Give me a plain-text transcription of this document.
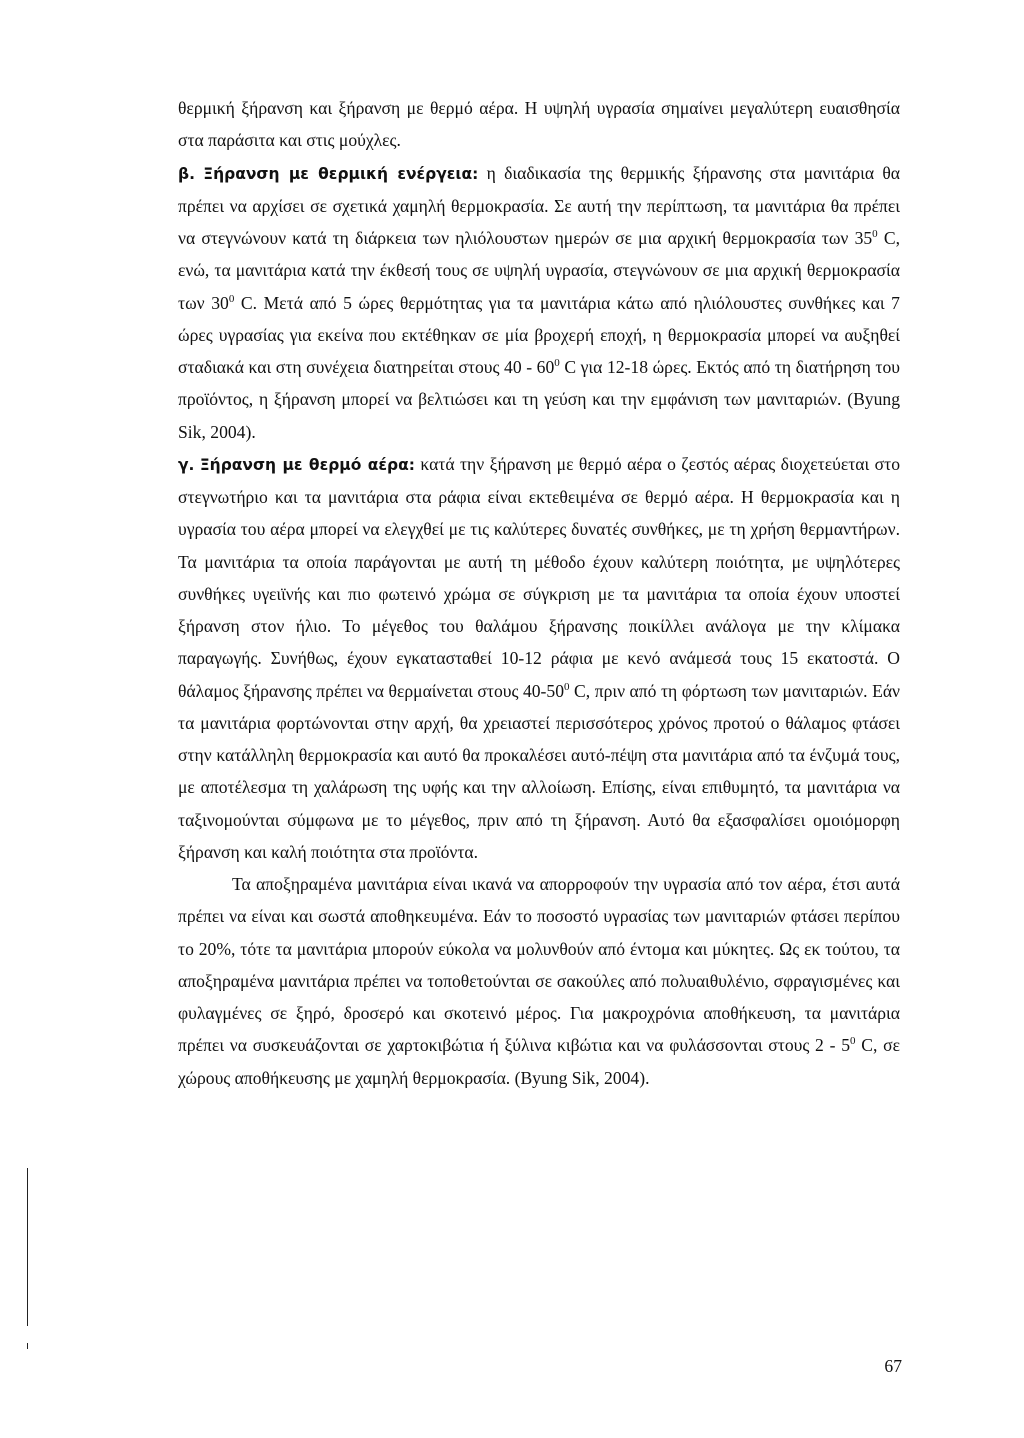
θερμική ξήρανση και ξήρανση με θερμό αέρα. Η υψηλή υγρασία σημαίνει μεγαλύτερη ευαισθησία στα παράσιτα και στις μούχλες.

β. Ξήρανση με θερμική ενέργεια: η διαδικασία της θερμικής ξήρανσης στα μανιτάρια θα πρέπει να αρχίσει σε σχετικά χαμηλή θερμοκρασία. Σε αυτή την περίπτωση, τα μανιτάρια θα πρέπει να στεγνώνουν κατά τη διάρκεια των ηλιόλουστων ημερών σε μια αρχική θερμοκρασία των $35^0$ C, ενώ, τα μανιτάρια κατά την έκθεσή τους σε υψηλή υγρασία, στεγνώνουν σε μια αρχική θερμοκρασία των $30^0$ C. Μετά από 5 ώρες θερμότητας για τα μανιτάρια κάτω από ηλιόλουστες συνθήκες και 7 ώρες υγρασίας για εκείνα που εκτέθηκαν σε μία βροχερή εποχή, η θερμοκρασία μπορεί να αυξηθεί σταδιακά και στη συνέχεια διατηρείται στους $40 - 60^0$ C για 12-18 ώρες. Εκτός από τη διατήρηση του προϊόντος, η ξήρανση μπορεί να βελτιώσει και τη γεύση και την εμφάνιση των μανιταριών. (Byung Sik, 2004).

γ. Ξήρανση με θερμό αέρα: κατά την ξήρανση με θερμό αέρα ο ζεστός αέρας διοχετεύεται στο στεγνωτήριο και τα μανιτάρια στα ράφια είναι εκτεθειμένα σε θερμό αέρα. Η θερμοκρασία και η υγρασία του αέρα μπορεί να ελεγχθεί με τις καλύτερες δυνατές συνθήκες, με τη χρήση θερμαντήρων. Τα μανιτάρια τα οποία παράγονται με αυτή τη μέθοδο έχουν καλύτερη ποιότητα, με υψηλότερες συνθήκες υγειϊνής και πιο φωτεινό χρώμα σε σύγκριση με τα μανιτάρια τα οποία έχουν υποστεί ξήρανση στον ήλιο. Το μέγεθος του θαλάμου ξήρανσης ποικίλλει ανάλογα με την κλίμακα παραγωγής. Συνήθως, έχουν εγκατασταθεί 10-12 ράφια με κενό ανάμεσά τους 15 εκατοστά. Ο θάλαμος ξήρανσης πρέπει να θερμαίνεται στους $40-50^0$ C, πριν από τη φόρτωση των μανιταριών. Εάν τα μανιτάρια φορτώνονται στην αρχή, θα χρειαστεί περισσότερος χρόνος προτού ο θάλαμος φτάσει στην κατάλληλη θερμοκρασία και αυτό θα προκαλέσει αυτό-πέψη στα μανιτάρια από τα ένζυμά τους, με αποτέλεσμα τη χαλάρωση της υφής και την αλλοίωση. Επίσης, είναι επιθυμητό, τα μανιτάρια να ταξινομούνται σύμφωνα με το μέγεθος, πριν από τη ξήρανση. Αυτό θα εξασφαλίσει ομοιόμορφη ξήρανση και καλή ποιότητα στα προϊόντα.

Τα αποξηραμένα μανιτάρια είναι ικανά να απορροφούν την υγρασία από τον αέρα, έτσι αυτά πρέπει να είναι και σωστά αποθηκευμένα. Εάν το ποσοστό υγρασίας των μανιταριών φτάσει περίπου το 20%, τότε τα μανιτάρια μπορούν εύκολα να μολυνθούν από έντομα και μύκητες. Ως εκ τούτου, τα αποξηραμένα μανιτάρια πρέπει να τοποθετούνται σε σακούλες από πολυαιθυλένιο, σφραγισμένες και φυλαγμένες σε ξηρό, δροσερό και σκοτεινό μέρος. Για μακροχρόνια αποθήκευση, τα μανιτάρια πρέπει να συσκευάζονται σε χαρτοκιβώτια ή ξύλινα κιβώτια και να φυλάσσονται στους $2 - 5^0$ C, σε χώρους αποθήκευσης με χαμηλή θερμοκρασία. (Byung Sik, 2004).

67
